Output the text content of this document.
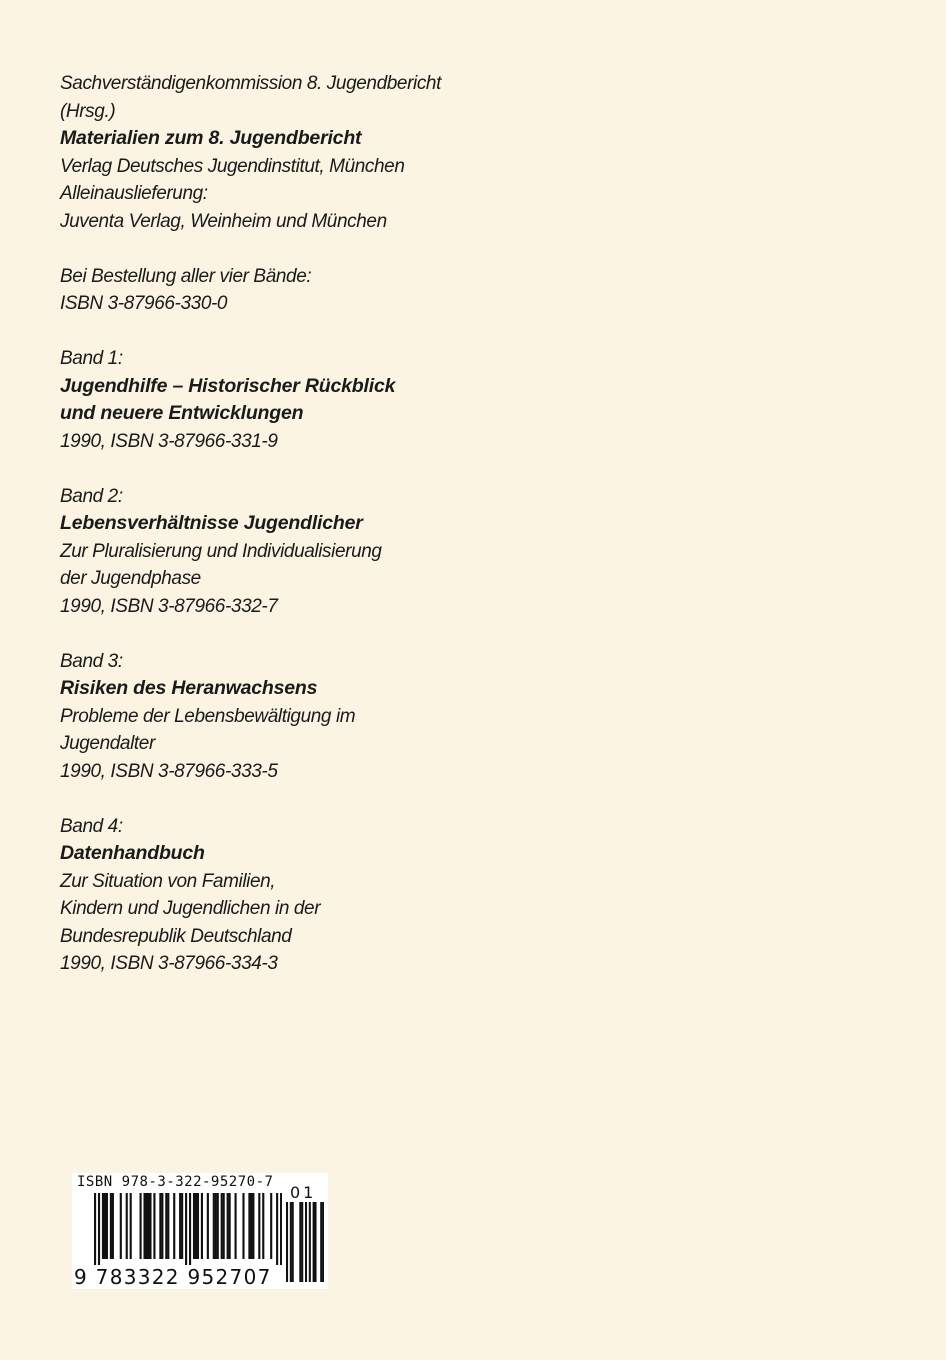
Sachverständigenkommission 8. Jugendbericht
(Hrsg.)
Materialien zum 8. Jugendbericht
Verlag Deutsches Jugendinstitut, München
Alleinauslieferung:
Juventa Verlag, Weinheim und München
Bei Bestellung aller vier Bände:
ISBN 3-87966-330-0
Band 1:
Jugendhilfe – Historischer Rückblick
und neuere Entwicklungen
1990, ISBN 3-87966-331-9
Band 2:
Lebensverhältnisse Jugendlicher
Zur Pluralisierung und Individualisierung
der Jugendphase
1990, ISBN 3-87966-332-7
Band 3:
Risiken des Heranwachsens
Probleme der Lebensbewältigung im
Jugendalter
1990, ISBN 3-87966-333-5
Band 4:
Datenhandbuch
Zur Situation von Familien,
Kindern und Jugendlichen in der
Bundesrepublik Deutschland
1990, ISBN 3-87966-334-3
ISBN 978-3-322-95270-7
01
9 783322 952707
